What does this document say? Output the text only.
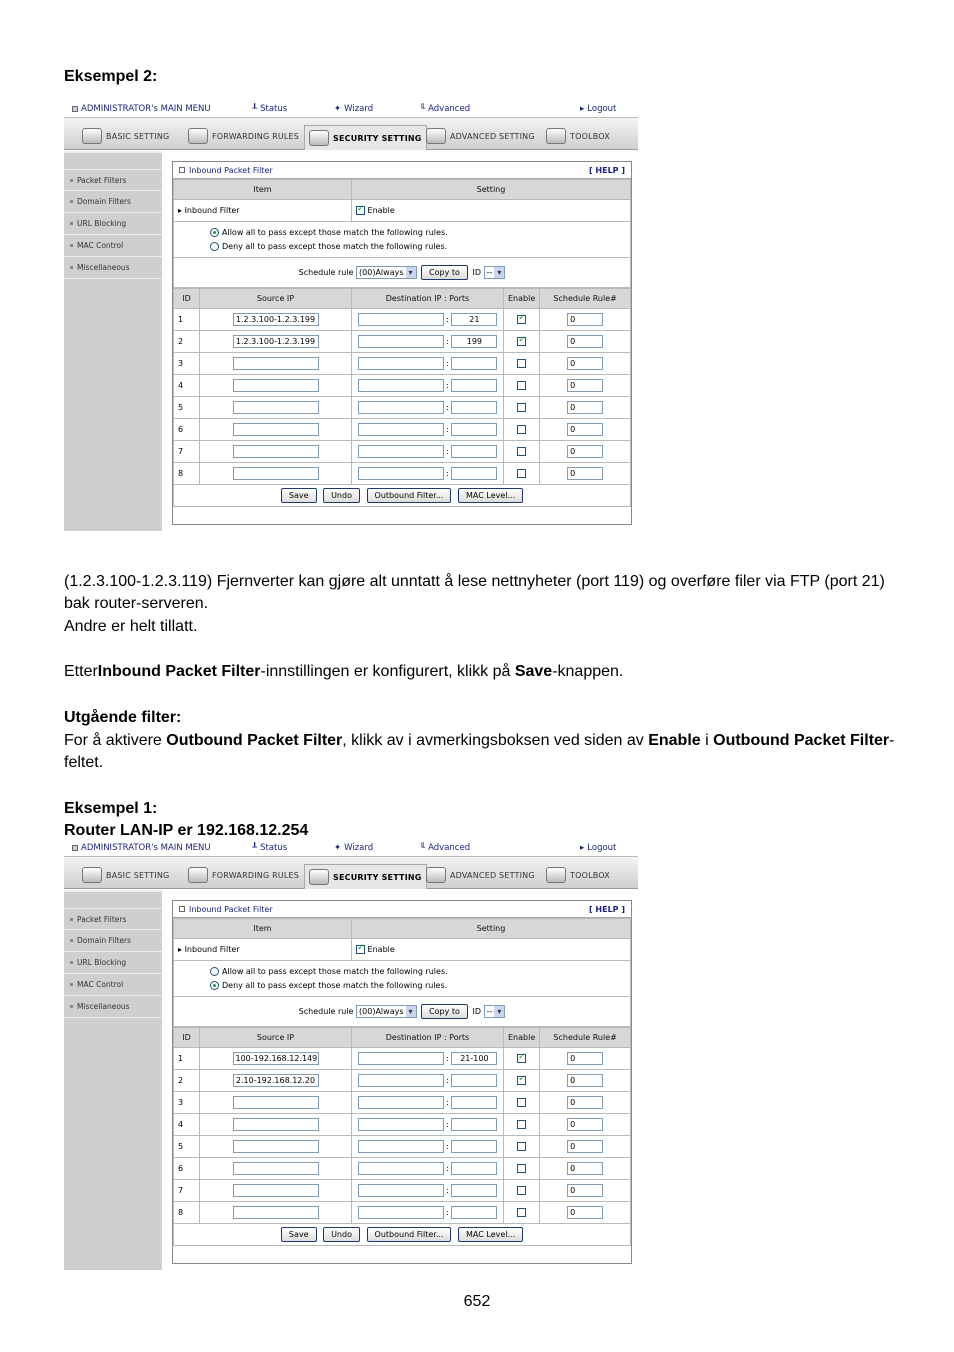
Eksempel 2:
ADMINISTRATOR's MAIN MENU	┸ Status	✦ Wizard	╙ Advanced	▸ Logout
BASIC SETTING	FORWARDING RULES	SECURITY SETTING	ADVANCED SETTING	TOOLBOX
Packet Filters
Domain Filters
URL Blocking
MAC Control
Miscellaneous
Inbound Packet Filter	[ HELP ]
Item	Setting
▸ Inbound Filter	✓Enable

Allow all to pass except those match the following rules.
Deny all to pass except those match the following rules.	

Schedule rule (00)Always ▾ Copy to ID -- ▾
ID	Source IP	Destination IP : Ports	Enable	Schedule Rule#
1	1.2.3.100-1.2.3.199	: 21	✓	0
2	1.2.3.100-1.2.3.199	: 199	✓	0
3		:		0
4		:		0
5		:		0
6		:		0
7		:		0
8		:		0
Save Undo Outbound Filter... MAC Level...				
(1.2.3.100-1.2.3.119) Fjernverter kan gjøre alt unntatt å lese nettnyheter (port 119) og overføre filer via FTP (port 21) bak router-serveren.
Andre er helt tillatt.
EtterInbound Packet Filter-innstillingen er konfigurert, klikk på Save-knappen.
Utgående filter:
For å aktivere Outbound Packet Filter, klikk av i avmerkingsboksen ved siden av Enable i Outbound Packet Filter-feltet.
Eksempel 1:
Router LAN-IP er 192.168.12.254
ADMINISTRATOR's MAIN MENU	┸ Status	✦ Wizard	╙ Advanced	▸ Logout
BASIC SETTING	FORWARDING RULES	SECURITY SETTING	ADVANCED SETTING	TOOLBOX
Packet Filters
Domain Filters
URL Blocking
MAC Control
Miscellaneous
Inbound Packet Filter	[ HELP ]
Item	Setting
▸ Inbound Filter	✓Enable

Allow all to pass except those match the following rules.
Deny all to pass except those match the following rules.	

Schedule rule (00)Always ▾ Copy to ID -- ▾
ID	Source IP	Destination IP : Ports	Enable	Schedule Rule#
1	100-192.168.12.149	: 21-100	✓	0
2	2.10-192.168.12.20	:	✓	0
3		:		0
4		:		0
5		:		0
6		:		0
7		:		0
8		:		0
Save Undo Outbound Filter... MAC Level...				
652
